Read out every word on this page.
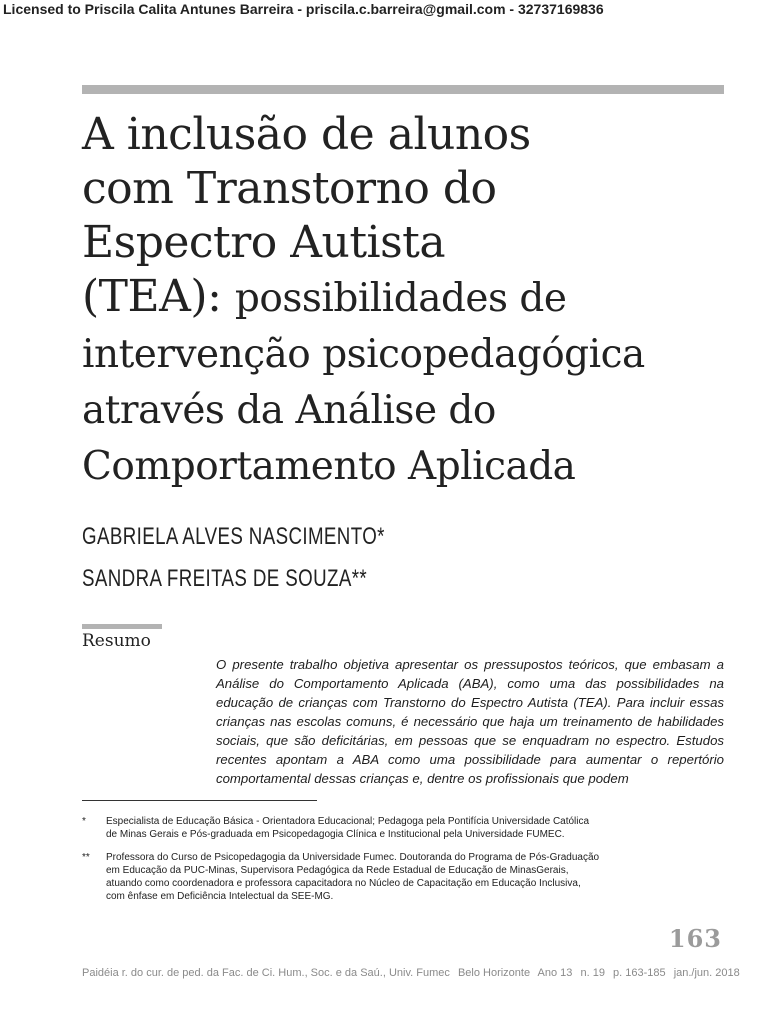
Licensed to Priscila Calita Antunes Barreira - priscila.c.barreira@gmail.com - 32737169836
A inclusão de alunos
com Transtorno do
Espectro Autista
(TEA): possibilidades de
intervenção psicopedagógica
através da Análise do
Comportamento Aplicada
GABRIELA ALVES NASCIMENTO*
SANDRA FREITAS DE SOUZA**
Resumo

O presente trabalho objetiva apresentar os pressupostos teóricos, que embasam a Análise do Comportamento Aplicada (ABA), como uma das possibilidades na educação de crianças com Transtorno do Espectro Autista (TEA). Para incluir essas crianças nas escolas comuns, é necessário que haja um treinamento de habilidades sociais, que são deficitárias, em pessoas que se enquadram no espectro. Estudos recentes apontam a ABA como uma possibilidade para aumentar o repertório comportamental dessas crianças e, dentre os profissionais que podem

* Especialista de Educação Básica - Orientadora Educacional; Pedagoga pela Pontifícia Universidade Católica de Minas Gerais e Pós-graduada em Psicopedagogia Clínica e Institucional pela Universidade FUMEC.
** Professora do Curso de Psicopedagogia da Universidade Fumec. Doutoranda do Programa de Pós-Graduação em Educação da PUC-Minas, Supervisora Pedagógica da Rede Estadual de Educação de MinasGerais, atuando como coordenadora e professora capacitadora no Núcleo de Capacitação em Educação Inclusiva, com ênfase em Deficiência Intelectual da SEE-MG.
163
Paidéia r. do cur. de ped. da Fac. de Ci. Hum., Soc. e da Saú., Univ. Fumec Belo Horizonte Ano 13 n. 19 p. 163-185 jan./jun. 2018
